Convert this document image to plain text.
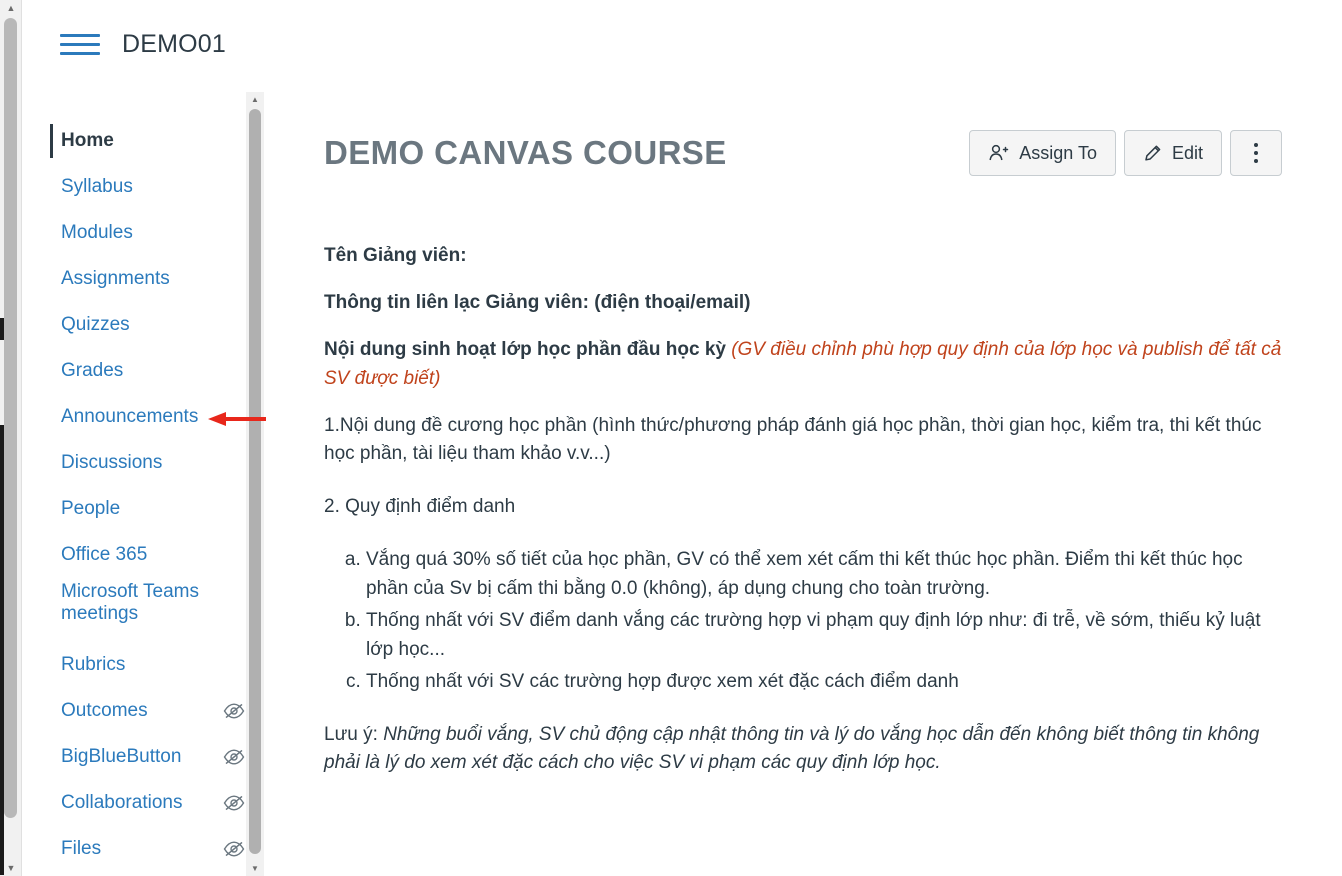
▲
▼
DEMO01
Home
Syllabus
Modules
Assignments
Quizzes
Grades
Announcements
Discussions
People
Office 365
Microsoft Teams meetings
Rubrics
Outcomes
BigBlueButton
Collaborations
Files
▲
▼
DEMO CANVAS COURSE	Assign To	Edit

Tên Giảng viên:

Thông tin liên lạc Giảng viên: (điện thoại/email)

Nội dung sinh hoạt lớp học phần đầu học kỳ (GV điều chỉnh phù hợp quy định của lớp học và publish để tất cả SV được biết)

1.Nội dung đề cương học phần (hình thức/phương pháp đánh giá học phần, thời gian học, kiểm tra, thi kết thúc học phần, tài liệu tham khảo v.v...)

2. Quy định điểm danh

a. Vắng quá 30% số tiết của học phần, GV có thể xem xét cấm thi kết thúc học phần. Điểm thi kết thúc học phần của Sv bị cấm thi bằng 0.0 (không), áp dụng chung cho toàn trường.
b. Thống nhất với SV điểm danh vắng các trường hợp vi phạm quy định lớp như: đi trễ, về sớm, thiếu kỷ luật lớp học...
c. Thống nhất với SV các trường hợp được xem xét đặc cách điểm danh

Lưu ý: Những buổi vắng, SV chủ động cập nhật thông tin và lý do vắng học dẫn đến không biết thông tin không phải là lý do xem xét đặc cách cho việc SV vi phạm các quy định lớp học.
